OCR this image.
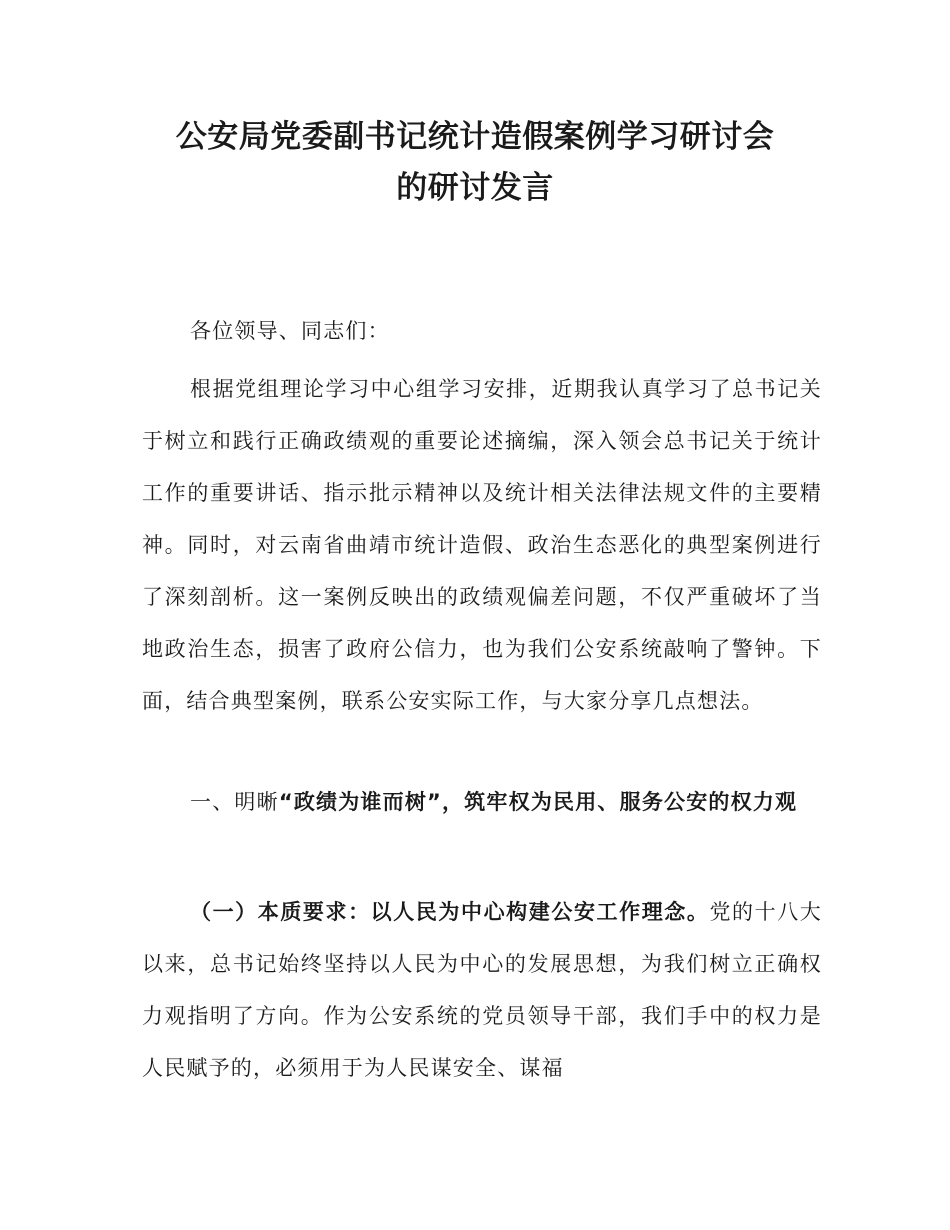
公安局党委副书记统计造假案例学习研讨会
的研讨发言

各位领导、同志们：

根据党组理论学习中心组学习安排，近期我认真学习了总书记关于树立和践行正确政绩观的重要论述摘编，深入领会总书记关于统计工作的重要讲话、指示批示精神以及统计相关法律法规文件的主要精神。同时，对云南省曲靖市统计造假、政治生态恶化的典型案例进行了深刻剖析。这一案例反映出的政绩观偏差问题，不仅严重破坏了当地政治生态，损害了政府公信力，也为我们公安系统敲响了警钟。下面，结合典型案例，联系公安实际工作，与大家分享几点想法。

一、明晰“政绩为谁而树”，筑牢权为民用、服务公安的权力观

（一）本质要求：以人民为中心构建公安工作理念。党的十八大以来，总书记始终坚持以人民为中心的发展思想，为我们树立正确权力观指明了方向。作为公安系统的党员领导干部，我们手中的权力是人民赋予的，必须用于为人民谋安全、谋福
